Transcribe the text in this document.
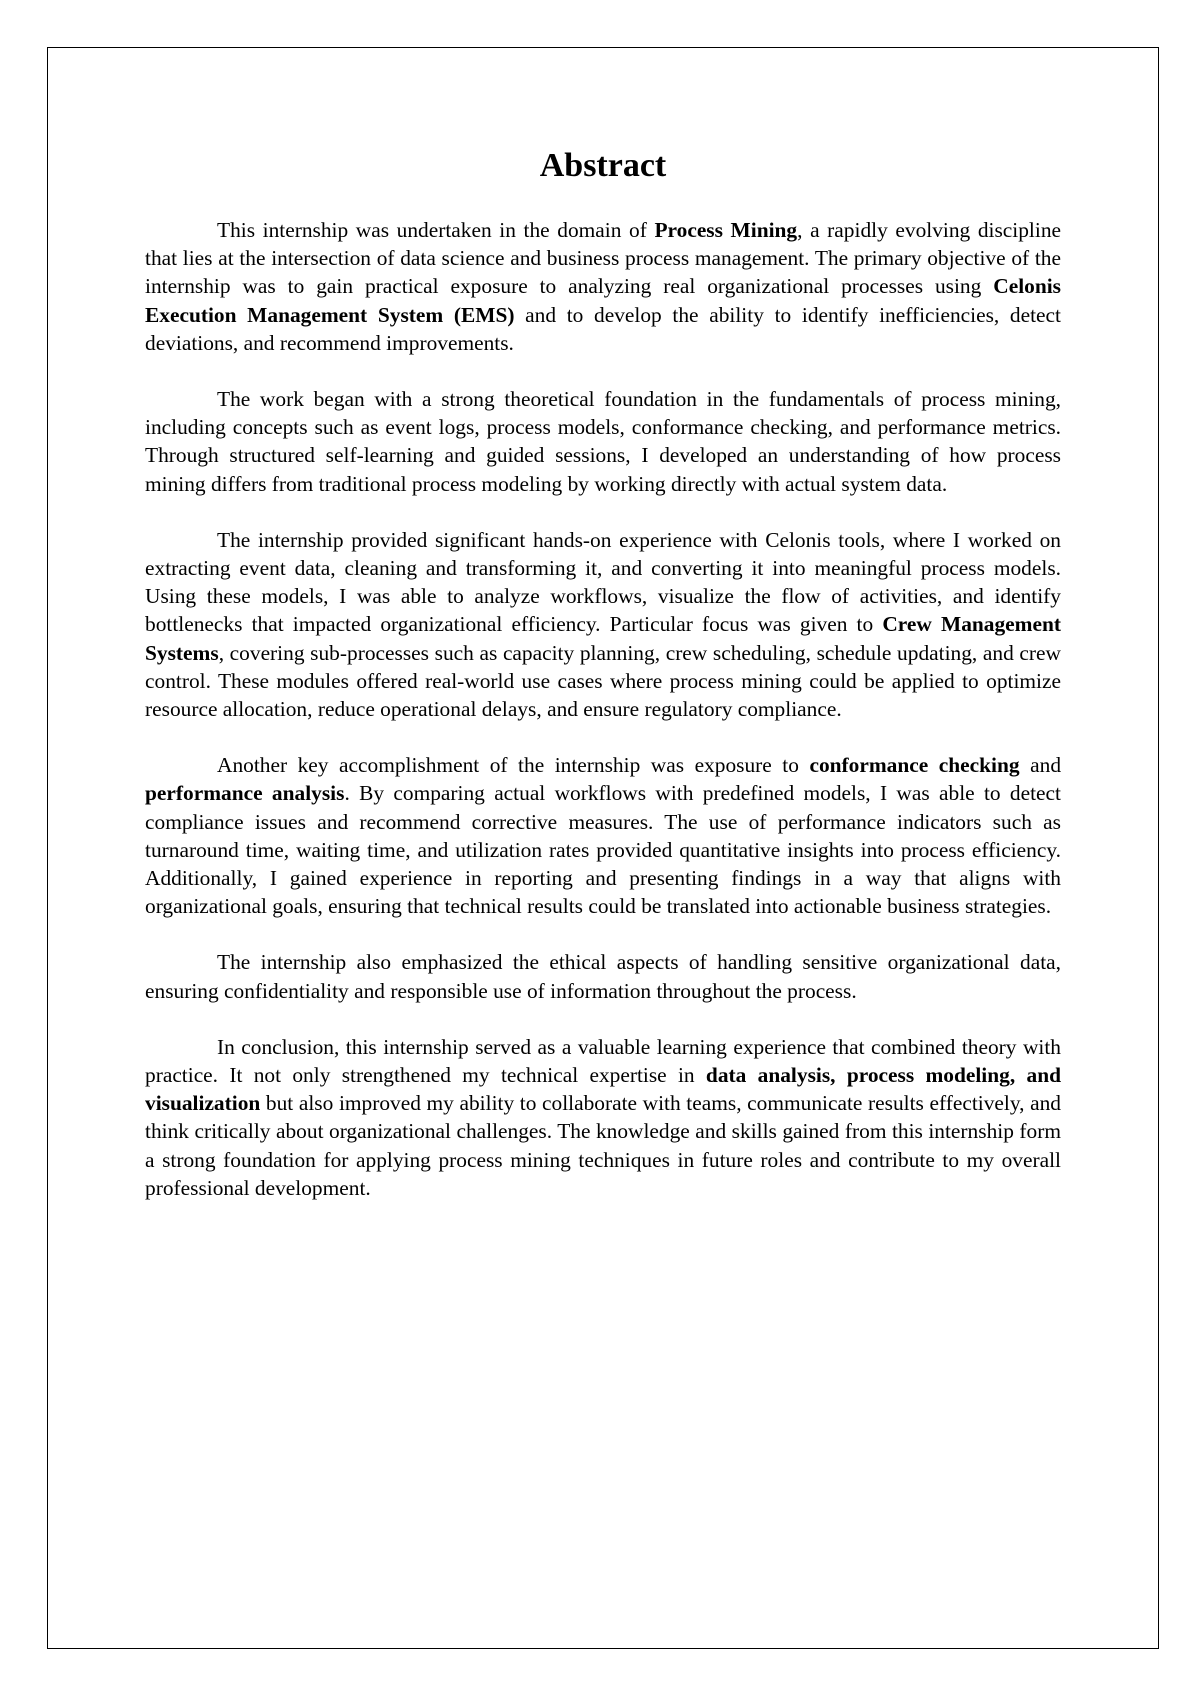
Abstract

This internship was undertaken in the domain of Process Mining, a rapidly evolving discipline that lies at the intersection of data science and business process management. The primary objective of the internship was to gain practical exposure to analyzing real organizational processes using Celonis Execution Management System (EMS) and to develop the ability to identify inefficiencies, detect deviations, and recommend improvements.

The work began with a strong theoretical foundation in the fundamentals of process mining, including concepts such as event logs, process models, conformance checking, and performance metrics. Through structured self-learning and guided sessions, I developed an understanding of how process mining differs from traditional process modeling by working directly with actual system data.

The internship provided significant hands-on experience with Celonis tools, where I worked on extracting event data, cleaning and transforming it, and converting it into meaningful process models. Using these models, I was able to analyze workflows, visualize the flow of activities, and identify bottlenecks that impacted organizational efficiency. Particular focus was given to Crew Management Systems, covering sub-processes such as capacity planning, crew scheduling, schedule updating, and crew control. These modules offered real-world use cases where process mining could be applied to optimize resource allocation, reduce operational delays, and ensure regulatory compliance.

Another key accomplishment of the internship was exposure to conformance checking and performance analysis. By comparing actual workflows with predefined models, I was able to detect compliance issues and recommend corrective measures. The use of performance indicators such as turnaround time, waiting time, and utilization rates provided quantitative insights into process efficiency. Additionally, I gained experience in reporting and presenting findings in a way that aligns with organizational goals, ensuring that technical results could be translated into actionable business strategies.

The internship also emphasized the ethical aspects of handling sensitive organizational data, ensuring confidentiality and responsible use of information throughout the process.

In conclusion, this internship served as a valuable learning experience that combined theory with practice. It not only strengthened my technical expertise in data analysis, process modeling, and visualization but also improved my ability to collaborate with teams, communicate results effectively, and think critically about organizational challenges. The knowledge and skills gained from this internship form a strong foundation for applying process mining techniques in future roles and contribute to my overall professional development.
